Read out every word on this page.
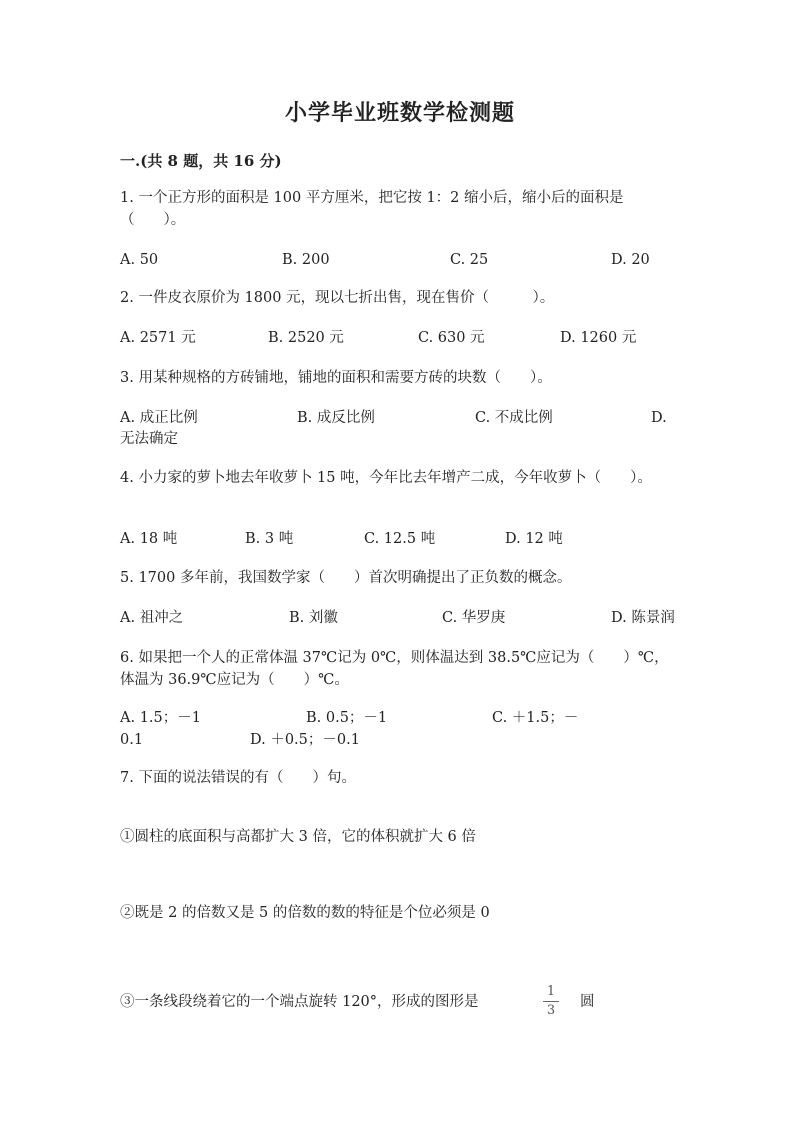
小学毕业班数学检测题
一.(共 8 题，共 16 分)
1. 一个正方形的面积是 100 平方厘米，把它按 1：2 缩小后，缩小后的面积是（　　）。
A. 50	B. 200	C. 25	D. 20
2. 一件皮衣原价为 1800 元，现以七折出售，现在售价（　　　）。
A. 2571 元	B. 2520 元	C. 630 元	D. 1260 元
3. 用某种规格的方砖铺地，铺地的面积和需要方砖的块数（　　）。
A. 成正比例	B. 成反比例	C. 不成比例	D.
无法确定
4. 小力家的萝卜地去年收萝卜 15 吨，今年比去年增产二成，今年收萝卜（　　）。
A. 18 吨	B. 3 吨	C. 12.5 吨	D. 12 吨
5. 1700 多年前，我国数学家（　　）首次明确提出了正负数的概念。
A. 祖冲之	B. 刘徽	C. 华罗庚	D. 陈景润
6. 如果把一个人的正常体温 37℃记为 0℃，则体温达到 38.5℃应记为（　　）℃，体温为 36.9℃应记为（　　）℃。
A. 1.5；－1	B. 0.5；－1	C. ＋1.5；－
0.1	D. ＋0.5；－0.1
7. 下面的说法错误的有（　　）句。
①圆柱的底面积与高都扩大 3 倍，它的体积就扩大 6 倍
②既是 2 的倍数又是 5 的倍数的数的特征是个位必须是 0
③一条线段绕着它的一个端点旋转 120°，形成的图形是
1
3
圆
